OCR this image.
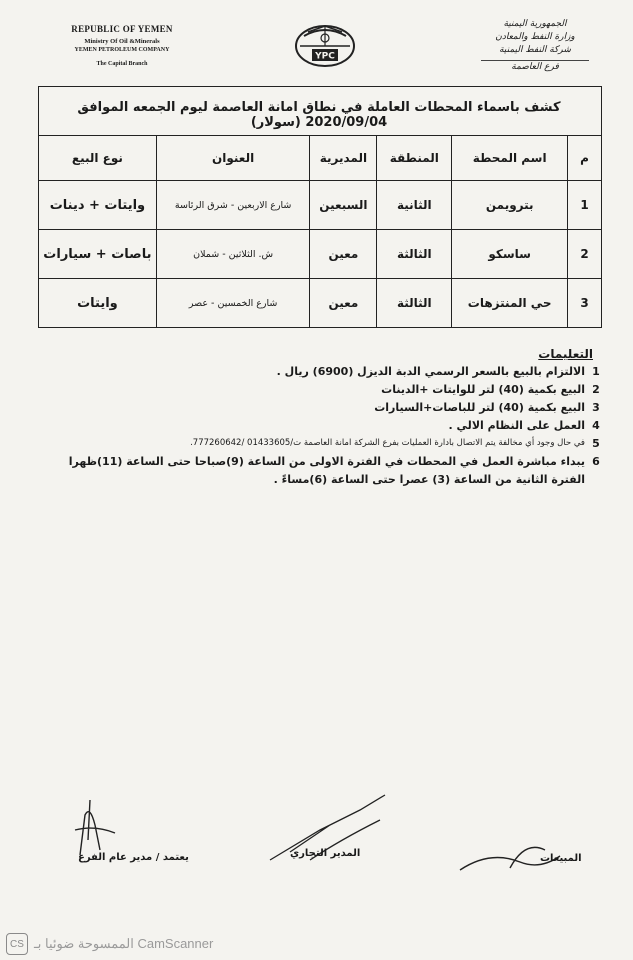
REPUBLIC OF YEMEN
Ministry Of Oil &Minerals
YEMEN PETROLEUM COMPANY
The Capital Branch
YPC
الجمهورية اليمنية
وزارة النفط والمعادن
شركة النفط اليمنية
فرع العاصمة
كشف باسماء المحطات العاملة في نطاق امانة العاصمة ليوم الجمعه الموافق 2020/09/04 (سولار)
م	اسم المحطة	المنطقة	المديرية	العنوان	نوع البيع
1	بترويمن	الثانية	السبعين	شارع الاربعين - شرق الرئاسة	وايتات + دينات
2	ساسكو	الثالثة	معين	ش. الثلاثين - شملان	باصات + سيارات
3	حي المنتزهات	الثالثة	معين	شارع الخمسين - عصر	وايتات
التعليمات
1
الالتزام بالبيع بالسعر الرسمي الدبة الديزل (6900) ريال .
2
البيع بكمية (40) لتر للوايتات +الدينات
3
البيع بكمية (40) لتر للباصات+السيارات
4
العمل على النظام الالي .
5
في حال وجود أي مخالفة يتم الاتصال بادارة العمليات بفرع الشركة امانة العاصمة ت/01433605 /777260642.
6
يبداء مباشرة العمل في المحطات في الفترة الاولى من الساعة (9)صباحا حتى الساعة (11)ظهرا
الفترة الثانية من الساعة (3) عصرا حتى الساعة (6)مساءً .
المبيعات
المدير التجاري
يعتمد / مدير عام الفرع
CS الممسوحة ضوئيا بـ CamScanner
